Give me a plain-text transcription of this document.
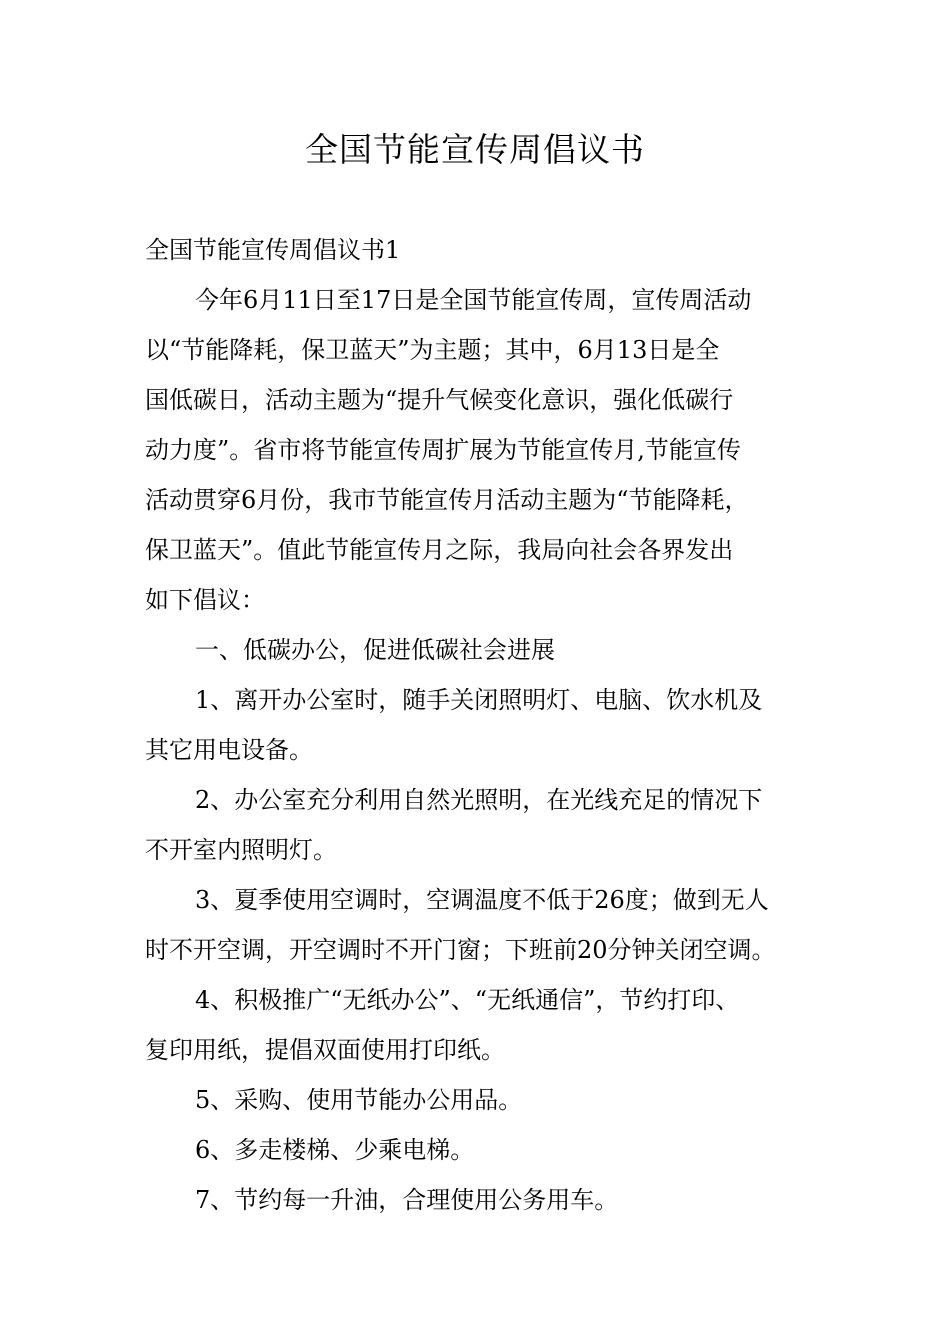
全国节能宣传周倡议书

全国节能宣传周倡议书1

今年6月11日至17日是全国节能宣传周，宣传周活动
以“节能降耗，保卫蓝天”为主题；其中，6月13日是全
国低碳日，活动主题为“提升气候变化意识，强化低碳行
动力度”。省市将节能宣传周扩展为节能宣传月,节能宣传
活动贯穿6月份，我市节能宣传月活动主题为“节能降耗，
保卫蓝天”。值此节能宣传月之际，我局向社会各界发出
如下倡议：

一、低碳办公，促进低碳社会进展

1、离开办公室时，随手关闭照明灯、电脑、饮水机及
其它用电设备。

2、办公室充分利用自然光照明，在光线充足的情况下
不开室内照明灯。

3、夏季使用空调时，空调温度不低于26度；做到无人
时不开空调，开空调时不开门窗；下班前20分钟关闭空调。

4、积极推广“无纸办公”、“无纸通信”，节约打印、
复印用纸，提倡双面使用打印纸。

5、采购、使用节能办公用品。

6、多走楼梯、少乘电梯。

7、节约每一升油，合理使用公务用车。
